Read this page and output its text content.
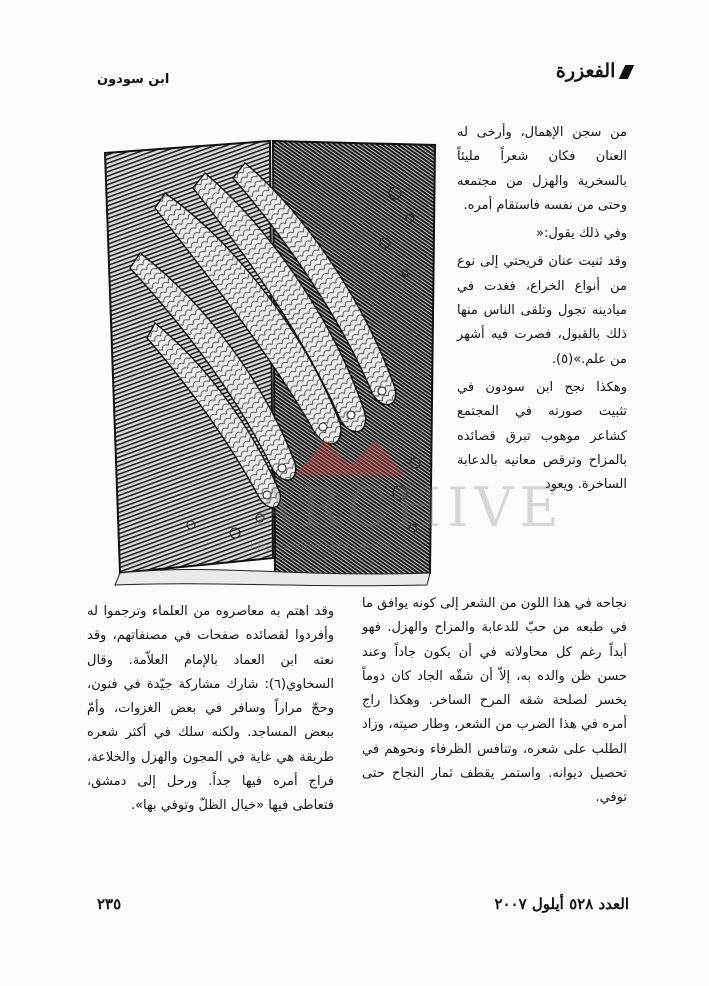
الفعزرة
ابن سودون

من سجن الإهمال، وأرخى له العنان فكان شعراً مليئاً بالسخرية والهزل من مجتمعه وحتى من نفسه فاستقام أمره.

وفي ذلك يقول:«

وقد ثنيت عنان قريحتي إلى نوع من أنواع الخراع، فغدت في ميادينه تجول وتلقى الناس منها ذلك بالقبول، فصرت فيه أشهر من علم.»(٥).

وهكذا نجح ابن سودون في تثبيت صورته في المجتمع كشاعر موهوب تبرق قصائده بالمزاح وترقص معانيه بالدعابة الساخرة. ويعود

ARCHIVE
http://archivebeta.Sakhrit.com

نجاحه في هذا اللون من الشعر إلى كونه يوافق ما في طبعه من حبّ للدعابة والمزاح والهزل. فهو أبداً رغم كل محاولاته في أن يكون جاداً وعند حسن ظن والده به، إلاّ أن شقّه الجاد كان دوماً يخسر لصلحة شقه المرح الساخر. وهكذا راج أمره في هذا الضرب من الشعر، وطار صيته، وزاد الطلب على شعره، وتنافس الظرفاء ونحوهم في تحصيل ديوانه. واستمر يقطف ثمار النجاح حتى توفي.

وقد اهتم به معاصروه من العلماء وترجموا له وأفردوا لقصائده صفحات في مصنفاتهم، وقد نعته ابن العماد بالإمام العلاّمة. وقال السخاوي(٦): شارك مشاركة جيّدة في فنون، وحجّ مراراً وسافر في بعض الغزوات، وأمّ ببعض المساجد. ولكنه سلك في أكثر شعره طريقة هي غاية في المجون والهزل والخلاعة، فراج أمره فيها جداً. ورحل إلى دمشق، فتعاطى فيها «خيال الظلّ وتوفي بها».

العدد ٥٢٨ أيلول ٢٠٠٧
٢٣٥
